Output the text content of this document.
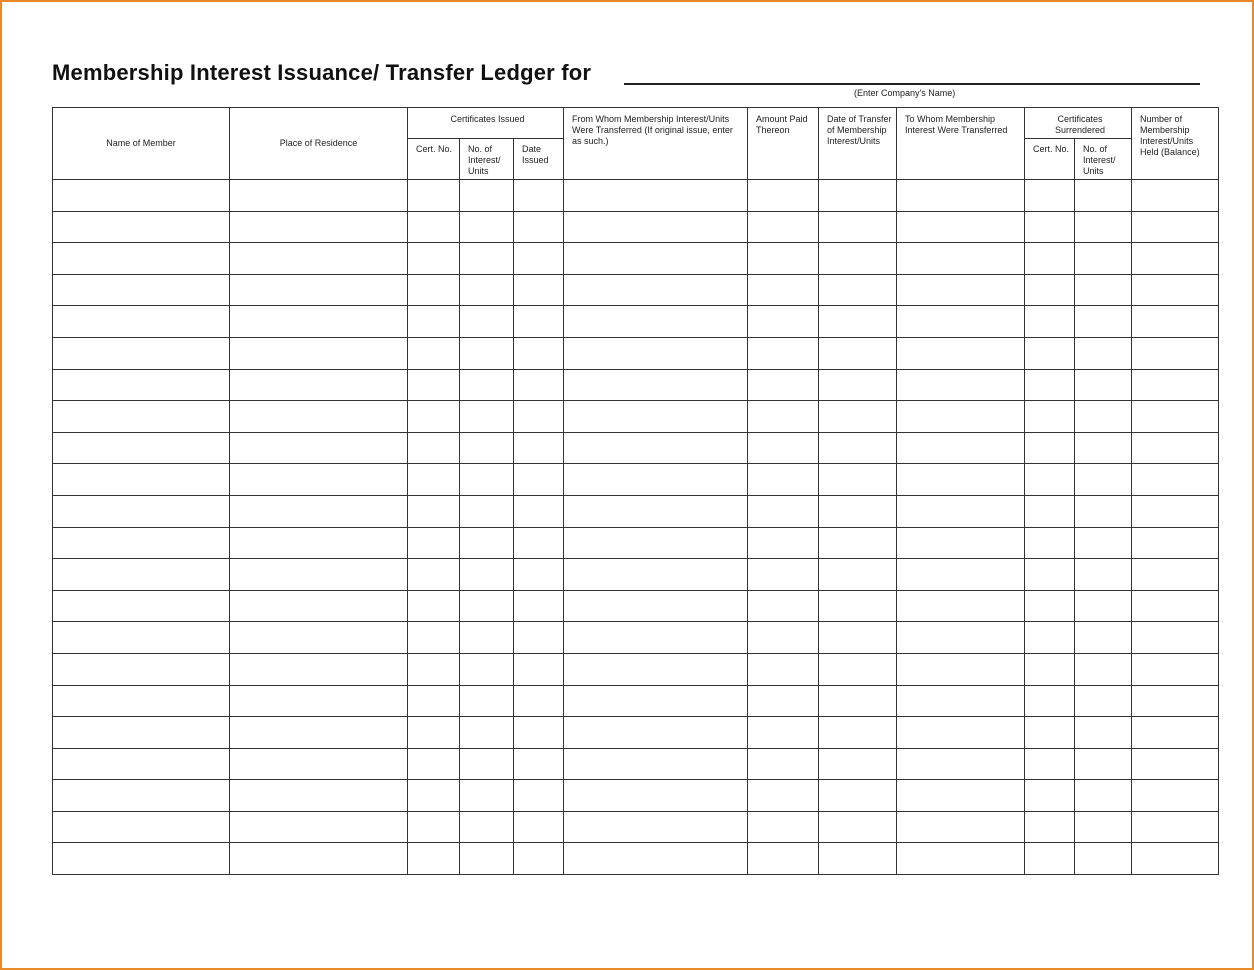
Membership Interest Issuance/ Transfer Ledger for
(Enter Company's Name)
Name of Member	Place of Residence	Certificates Issued			From Whom Membership Interest/Units Were Transferred (If original issue, enter as such.)	Amount Paid Thereon	Date of Transfer of Membership Interest/Units	To Whom Membership Interest Were Transferred	Certificates Surrendered		Number of Membership Interest/Units Held (Balance)
		Cert. No.	No. of Interest/ Units	Date Issued					Cert. No.	No. of Interest/ Units	
